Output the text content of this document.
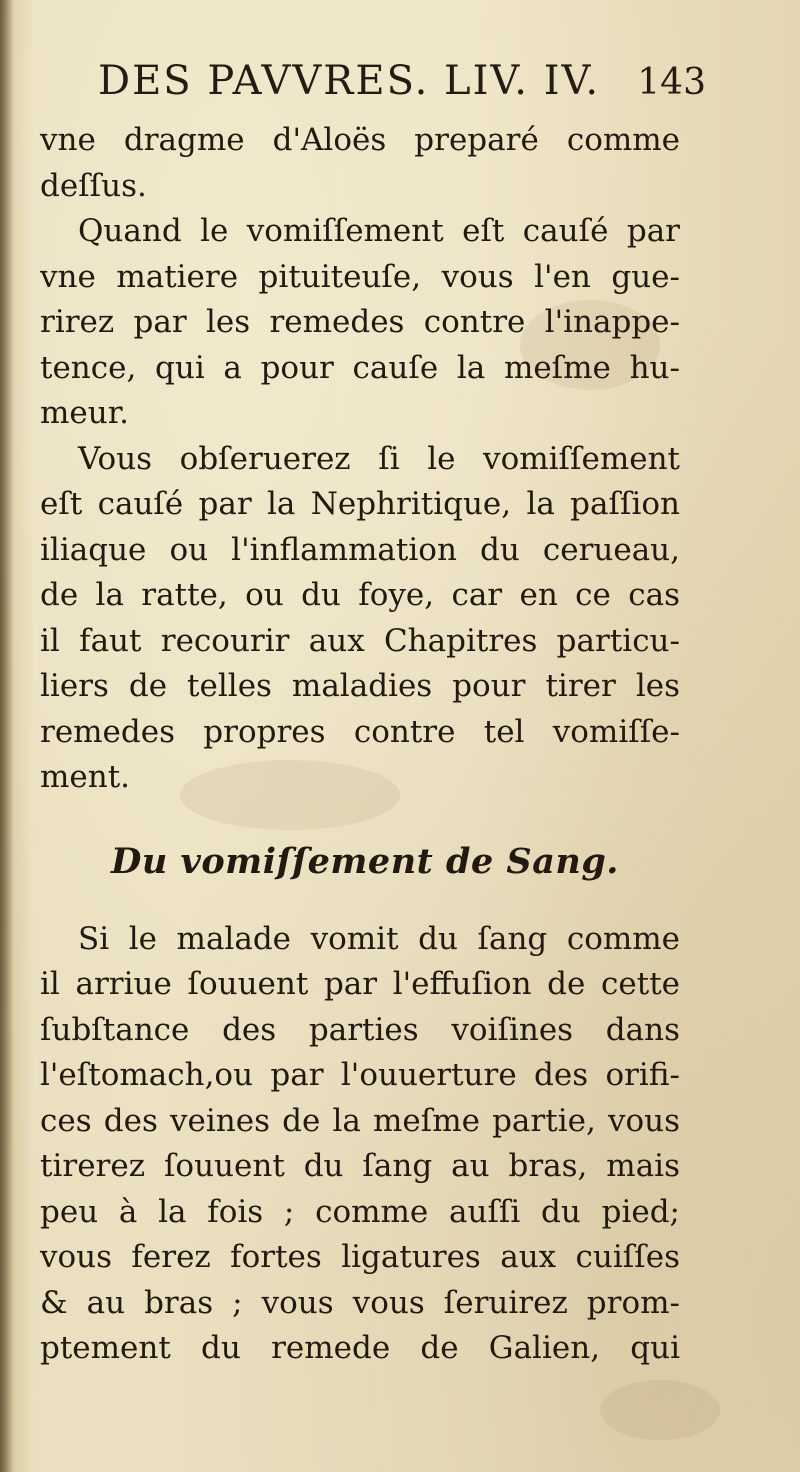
DES PAVVRES. LIV. IV. 143
vne dragme d'Aloës preparé comme
deſſus.
Quand le vomiſſement eſt cauſé par
vne matiere pituiteuſe, vous l'en gue-
rirez par les remedes contre l'inappe-
tence, qui a pour cauſe la meſme hu-
meur.
Vous obſeruerez ſi le vomiſſement
eſt cauſé par la Nephritique, la paſſion
iliaque ou l'inflammation du cerueau,
de la ratte, ou du foye, car en ce cas
il faut recourir aux Chapitres particu-
liers de telles maladies pour tirer les
remedes propres contre tel vomiſſe-
ment.
Du vomiſſement de Sang.
Si le malade vomit du ſang comme
il arriue ſouuent par l'effuſion de cette
ſubſtance des parties voiſines dans
l'eſtomach,ou par l'ouuerture des orifi-
ces des veines de la meſme partie, vous
tirerez ſouuent du ſang au bras, mais
peu à la fois ; comme auſſi du pied;
vous ferez fortes ligatures aux cuiſſes
& au bras ; vous vous ſeruirez prom-
ptement du remede de Galien, qui
